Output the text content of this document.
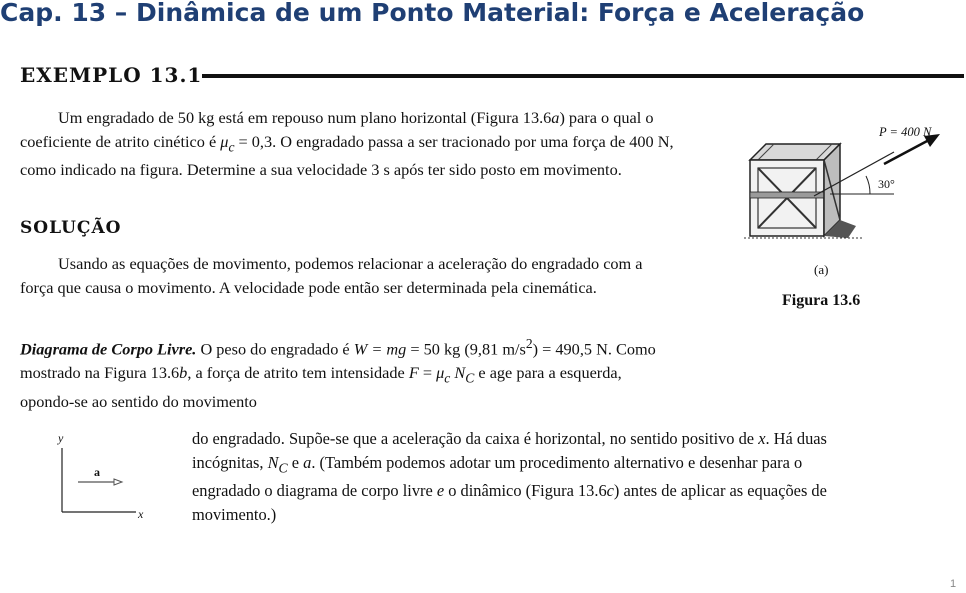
Cap. 13 – Dinâmica de um Ponto Material: Força e Aceleração
EXEMPLO 13.1
Um engradado de 50 kg está em repouso num plano horizontal (Figura 13.6a) para o qual o coeficiente de atrito cinético é $\mu_c = 0,3$. O engradado passa a ser tracionado por uma força de 400 N, como indicado na figura. Determine a sua velocidade 3 s após ter sido posto em movimento.
SOLUÇÃO
Usando as equações de movimento, podemos relacionar a aceleração do engradado com a força que causa o movimento. A velocidade pode então ser determinada pela cinemática.
Diagrama de Corpo Livre. O peso do engradado é W = mg = 50 kg (9,81 $m/s^2) = 490,5$ N. Como mostrado na Figura 13.6b, a força de atrito tem intensidade $F = \mu_c$ $N_C$ e age para a esquerda, opondo-se ao sentido do movimento
do engradado. Supõe-se que a aceleração da caixa é horizontal, no sentido positivo de x. Há duas incógnitas, $N_C$ e a. (Também podemos adotar um procedimento alternativo e desenhar para o engradado o diagrama de corpo livre e o dinâmico (Figura 13.6c) antes de aplicar as equações de movimento.)
30°
P = 400 N
(a)
Figura 13.6
y
x
a
1
